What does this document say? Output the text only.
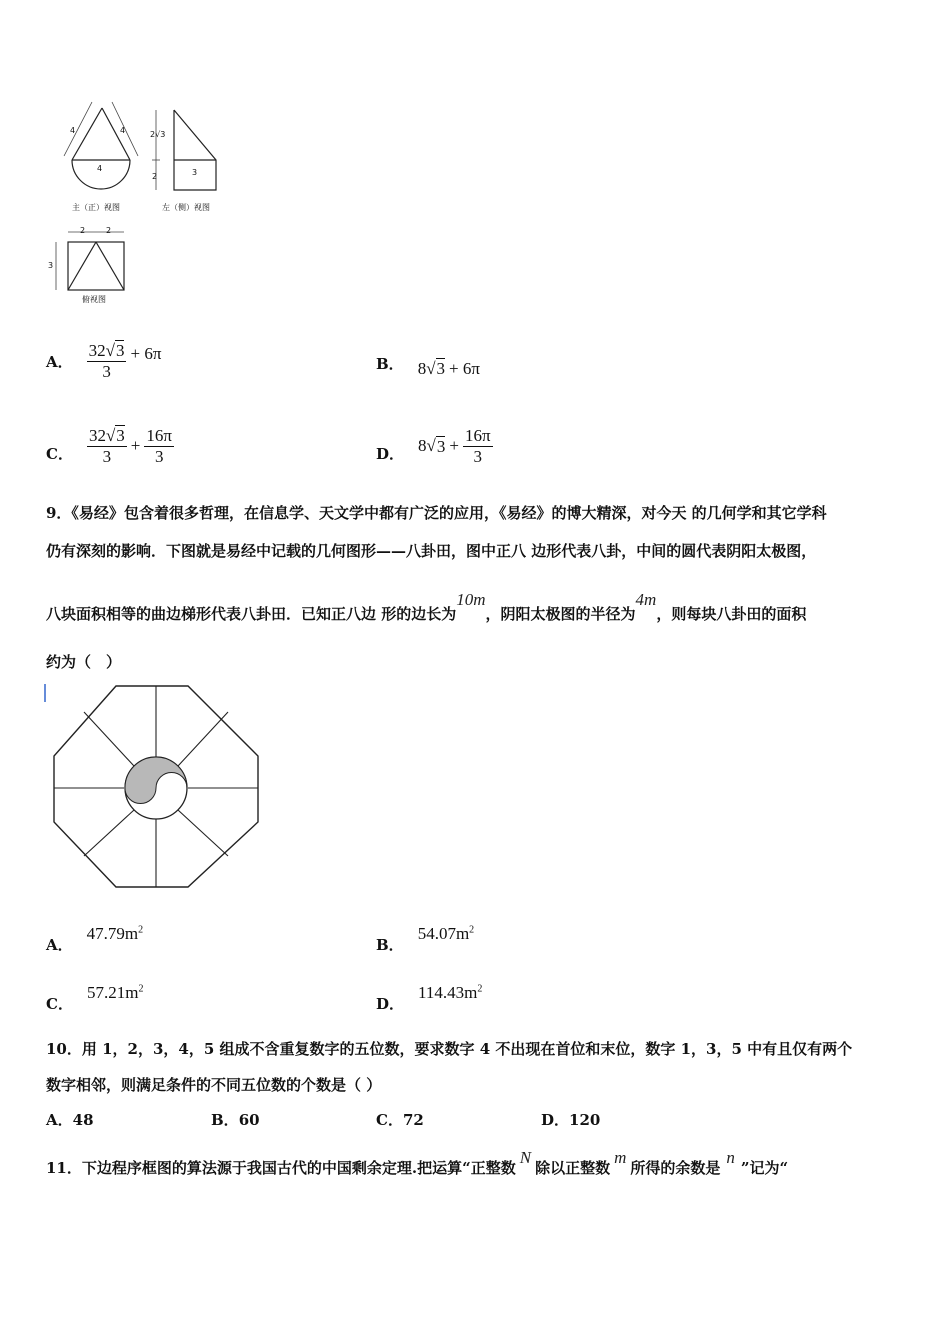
4	4
4
2√3
2	3
主（正）视图	左（侧）视图
2	2
3
俯视图
A． $\frac{32√3}{3} + 6\pi$
B． 8 √ 3 + 6π
C． $\frac{32√3}{3} + \frac{16\pi}{3}$	D． 8 √ $3 + \frac{16\pi}{3}$
9．《易经》包含着很多哲理，在信息学、天文学中都有广泛的应用，《易经》的博大精深，对今天 的几何学和其它学科
仍有深刻的影响．下图就是易经中记载的几何图形——八卦田，图中正八 边形代表八卦，中间的圆代表阴阳太极图，
八块面积相等的曲边梯形代表八卦田．已知正八边 形的边长为10m，阴阳太极图的半径为4m，则每块八卦田的面积
约为（　）
A．
$47.79m^2$
B．
$54.07m^2$
C．
$57.21m^2$
D．
$114.43m^2$
10．用 1，2，3，4，5 组成不含重复数字的五位数，要求数字 4 不出现在首位和末位，数字 1，3，5 中有且仅有两个
数字相邻，则满足条件的不同五位数的个数是（ ）
A．48	B．60	C．72	D．120
11．下边程序框图的算法源于我国古代的中国剩余定理.把运算“正整数N除以正整数m所得的余数是n”记为“
